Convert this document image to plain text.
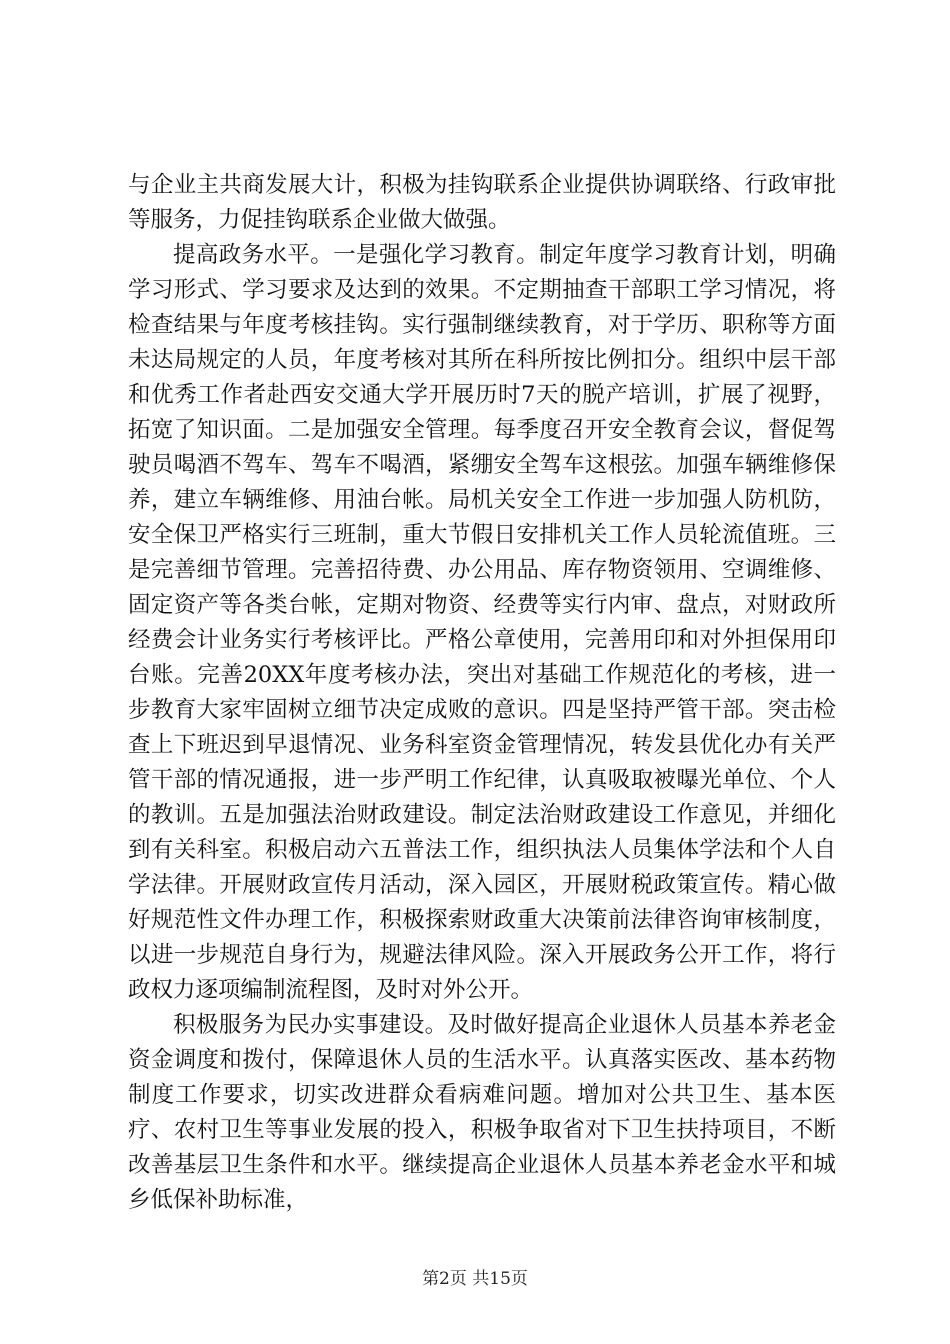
与企业主共商发展大计，积极为挂钩联系企业提供协调联络、行政审批等服务，力促挂钩联系企业做大做强。

提高政务水平。一是强化学习教育。制定年度学习教育计划，明确学习形式、学习要求及达到的效果。不定期抽查干部职工学习情况，将检查结果与年度考核挂钩。实行强制继续教育，对于学历、职称等方面未达局规定的人员，年度考核对其所在科所按比例扣分。组织中层干部和优秀工作者赴西安交通大学开展历时7天的脱产培训，扩展了视野，拓宽了知识面。二是加强安全管理。每季度召开安全教育会议，督促驾驶员喝酒不驾车、驾车不喝酒，紧绷安全驾车这根弦。加强车辆维修保养，建立车辆维修、用油台帐。局机关安全工作进一步加强人防机防，安全保卫严格实行三班制，重大节假日安排机关工作人员轮流值班。三是完善细节管理。完善招待费、办公用品、库存物资领用、空调维修、固定资产等各类台帐，定期对物资、经费等实行内审、盘点，对财政所经费会计业务实行考核评比。严格公章使用，完善用印和对外担保用印台账。完善20XX年度考核办法，突出对基础工作规范化的考核，进一步教育大家牢固树立细节决定成败的意识。四是坚持严管干部。突击检查上下班迟到早退情况、业务科室资金管理情况，转发县优化办有关严管干部的情况通报，进一步严明工作纪律，认真吸取被曝光单位、个人的教训。五是加强法治财政建设。制定法治财政建设工作意见，并细化到有关科室。积极启动六五普法工作，组织执法人员集体学法和个人自学法律。开展财政宣传月活动，深入园区，开展财税政策宣传。精心做好规范性文件办理工作，积极探索财政重大决策前法律咨询审核制度，以进一步规范自身行为，规避法律风险。深入开展政务公开工作，将行政权力逐项编制流程图，及时对外公开。

积极服务为民办实事建设。及时做好提高企业退休人员基本养老金资金调度和拨付，保障退休人员的生活水平。认真落实医改、基本药物制度工作要求，切实改进群众看病难问题。增加对公共卫生、基本医疗、农村卫生等事业发展的投入，积极争取省对下卫生扶持项目，不断改善基层卫生条件和水平。继续提高企业退休人员基本养老金水平和城乡低保补助标准，

第2页 共15页
